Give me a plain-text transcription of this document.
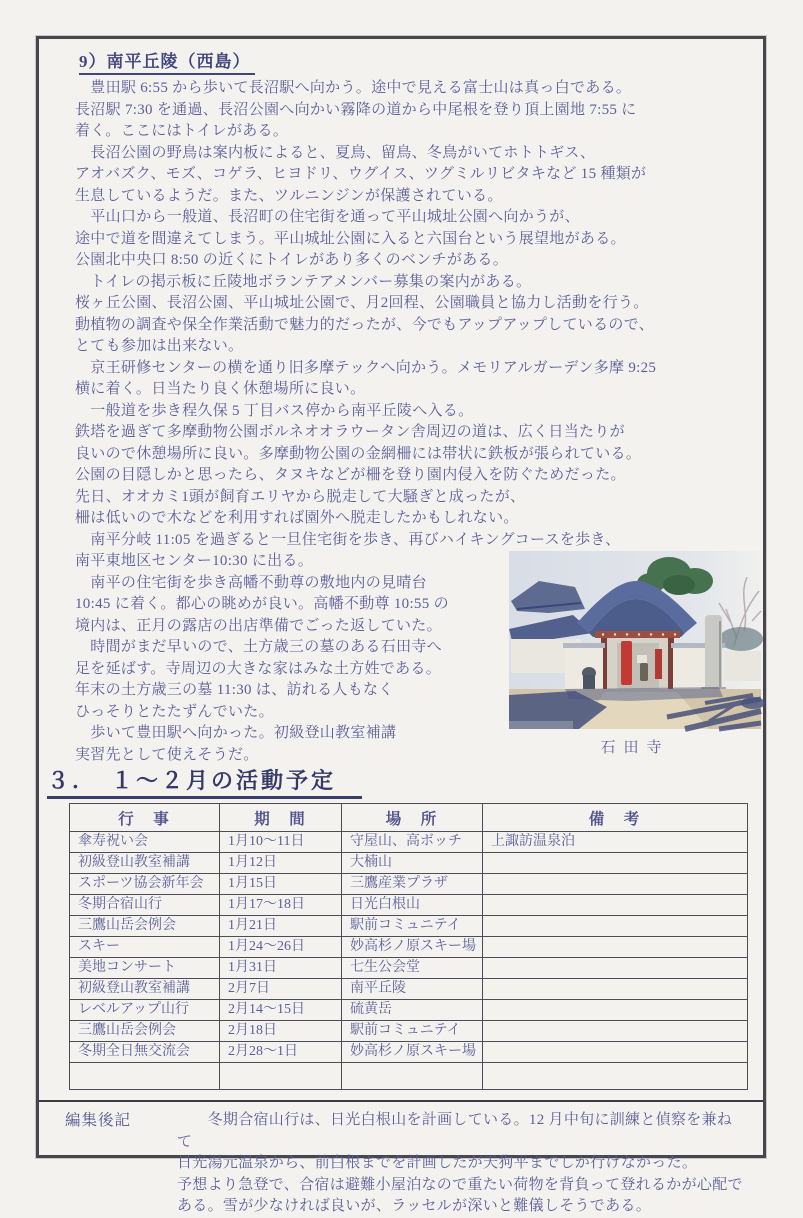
9）南平丘陵（西島）
　豊田駅 6:55 から歩いて長沼駅へ向かう。途中で見える富士山は真っ白である。
長沼駅 7:30 を通過、長沼公園へ向かい霧降の道から中尾根を登り頂上園地 7:55 に
着く。ここにはトイレがある。
　長沼公園の野鳥は案内板によると、夏鳥、留鳥、冬鳥がいてホトトギス、
アオバズク、モズ、コゲラ、ヒヨドリ、ウグイス、ツグミルリビタキなど 15 種類が
生息しているようだ。また、ツルニンジンが保護されている。
　平山口から一般道、長沼町の住宅街を通って平山城址公園へ向かうが、
途中で道を間違えてしまう。平山城址公園に入ると六国台という展望地がある。
公園北中央口 8:50 の近くにトイレがあり多くのベンチがある。
　トイレの掲示板に丘陵地ボランテアメンバー募集の案内がある。
桜ヶ丘公園、長沼公園、平山城址公園で、月2回程、公園職員と協力し活動を行う。
動植物の調査や保全作業活動で魅力的だったが、今でもアップアップしているので、
とても参加は出来ない。
　京王研修センターの横を通り旧多摩テックへ向かう。メモリアルガーデン多摩 9:25
横に着く。日当たり良く休憩場所に良い。
　一般道を歩き程久保 5 丁目バス停から南平丘陵へ入る。
鉄塔を過ぎて多摩動物公園ボルネオオラウータン舎周辺の道は、広く日当たりが
良いので休憩場所に良い。多摩動物公園の金網柵には帯状に鉄板が張られている。
公園の目隠しかと思ったら、タヌキなどが柵を登り園内侵入を防ぐためだった。
先日、オオカミ1頭が飼育エリヤから脱走して大騒ぎと成ったが、
柵は低いので木などを利用すれば園外へ脱走したかもしれない。
　南平分岐 11:05 を過ぎると一旦住宅街を歩き、再びハイキングコースを歩き、
石田寺
南平東地区センター10:30 に出る。
　南平の住宅街を歩き高幡不動尊の敷地内の見晴台
10:45 に着く。都心の眺めが良い。高幡不動尊 10:55 の
境内は、正月の露店の出店準備でごった返していた。
　時間がまだ早いので、土方歳三の墓のある石田寺へ
足を延ばす。寺周辺の大きな家はみな土方姓である。
年末の土方歳三の墓 11:30 は、訪れる人もなく
ひっそりとたたずんでいた。
　歩いて豊田駅へ向かった。初級登山教室補講
実習先として使えそうだ。
３．　１～２月の活動予定
行　事	期　間	場　所	備　考
傘寿祝い会	1月10～11日	守屋山、高ボッチ	上諏訪温泉泊
初級登山教室補講	1月12日	大楠山	
スポーツ協会新年会	1月15日	三鷹産業プラザ	
冬期合宿山行	1月17～18日	日光白根山	
三鷹山岳会例会	1月21日	駅前コミュニテイ	
スキー	1月24～26日	妙高杉ノ原スキー場	
美地コンサート	1月31日	七生公会堂	
初級登山教室補講	2月7日	南平丘陵	
レベルアップ山行	2月14～15日	硫黄岳	
三鷹山岳会例会	2月18日	駅前コミュニテイ	
冬期全日無交流会	2月28～1日	妙高杉ノ原スキー場	

編集後記	　　冬期合宿山行は、日光白根山を計画している。12 月中旬に訓練と偵察を兼ねて
日光湯元温泉から、前白根までを計画したが天狗平までしか行けなかった。
予想より急登で、合宿は避難小屋泊なので重たい荷物を背負って登れるかが心配で
ある。雪が少なければ良いが、ラッセルが深いと難儀しそうである。
